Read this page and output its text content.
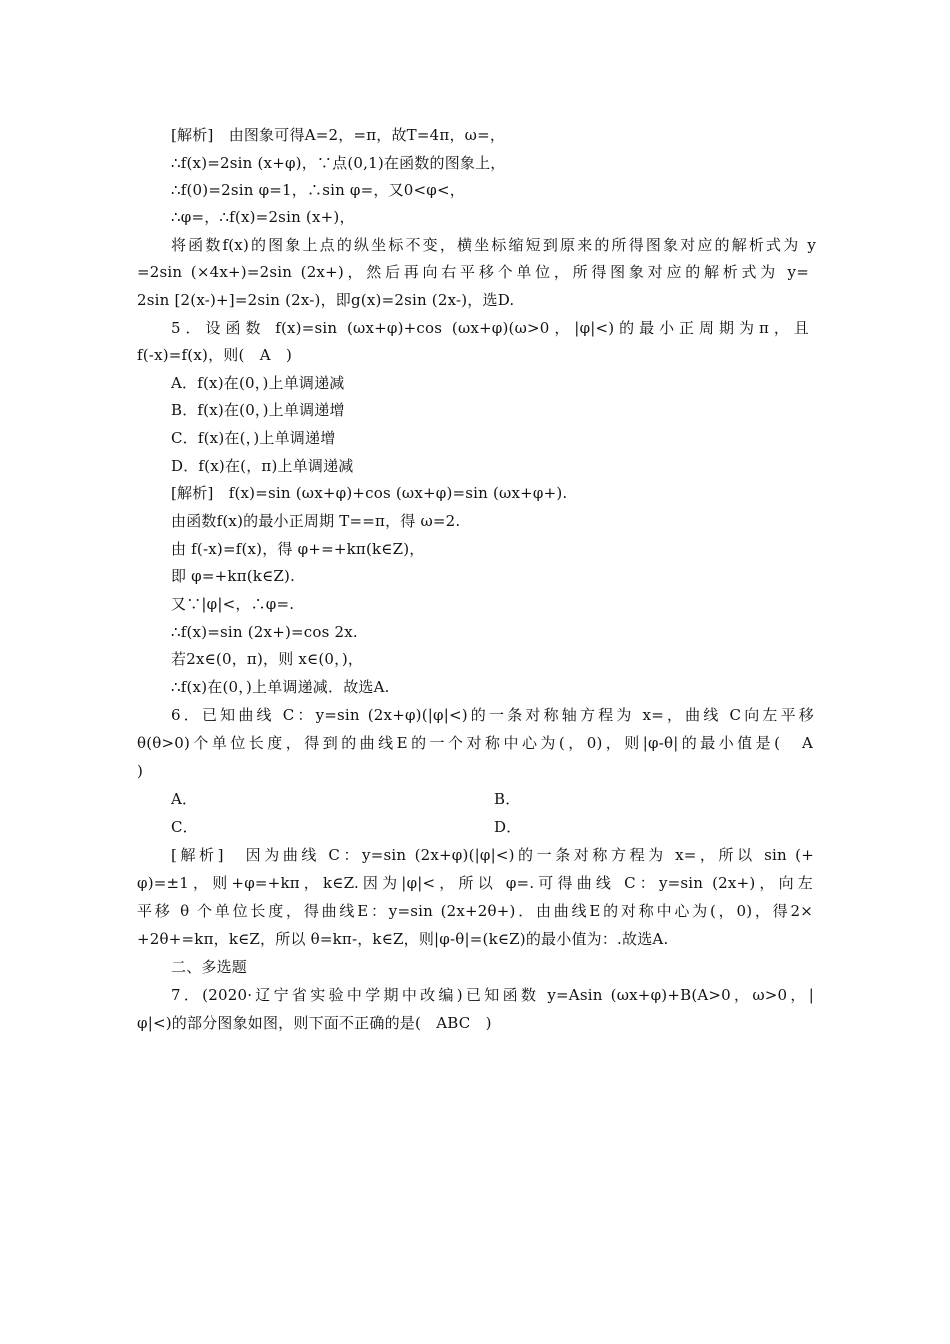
[解析]　由图象可得A=2，=π，故T=4π，ω=，
∴f(x)=2sin (x+φ)，∵点(0,1)在函数的图象上，
∴f(0)=2sin φ=1，∴sin φ=，又0<φ<，
∴φ=，∴f(x)=2sin (x+)，
将函数f(x)的图象上点的纵坐标不变，横坐标缩短到原来的所得图象对应的解析式为 y
=2sin (×4x+)=2sin (2x+)，然后再向右平移个单位，所得图象对应的解析式为 y=
2sin [2(x-)+]=2sin (2x-)，即g(x)=2sin (2x-)，选D.
5．设函数 f(x)=sin (ωx+φ)+cos (ωx+φ)(ω>0，|φ|<)的最小正周期为π，且
f(-x)=f(x)，则(　A　)
A．f(x)在(0，)上单调递减
B．f(x)在(0，)上单调递增
C．f(x)在(，)上单调递增
D．f(x)在(，π)上单调递减
[解析]　f(x)=sin (ωx+φ)+cos (ωx+φ)=sin (ωx+φ+).
由函数f(x)的最小正周期 T==π，得 ω=2.
由 f(-x)=f(x)，得 φ+=+kπ(k∈Z)，
即 φ=+kπ(k∈Z).
又∵|φ|<，∴φ=.
∴f(x)=sin (2x+)=cos 2x.
若2x∈(0，π)，则 x∈(0，)，
∴f(x)在(0，)上单调递减．故选A.
6．已知曲线 C：y=sin (2x+φ)(|φ|<)的一条对称轴方程为 x=，曲线 C向左平移
θ(θ>0)个单位长度，得到的曲线E的一个对称中心为(，0)，则|φ-θ|的最小值是(　A
)
A．	B．
C．	D．
[解析]　因为曲线 C：y=sin (2x+φ)(|φ|<)的一条对称方程为 x=，所以 sin (+
φ)=±1，则+φ=+kπ，k∈Z.因为|φ|<，所以 φ=.可得曲线 C：y=sin (2x+)，向左
平移 θ 个单位长度，得曲线E：y=sin (2x+2θ+)．由曲线E的对称中心为(，0)，得2×
+2θ+=kπ，k∈Z，所以 θ=kπ-，k∈Z，则|φ-θ|=(k∈Z)的最小值为：.故选A.
二、多选题
7．(2020·辽宁省实验中学期中改编)已知函数 y=Asin (ωx+φ)+B(A>0，ω>0，|
φ|<)的部分图象如图，则下面不正确的是(　ABC　)
